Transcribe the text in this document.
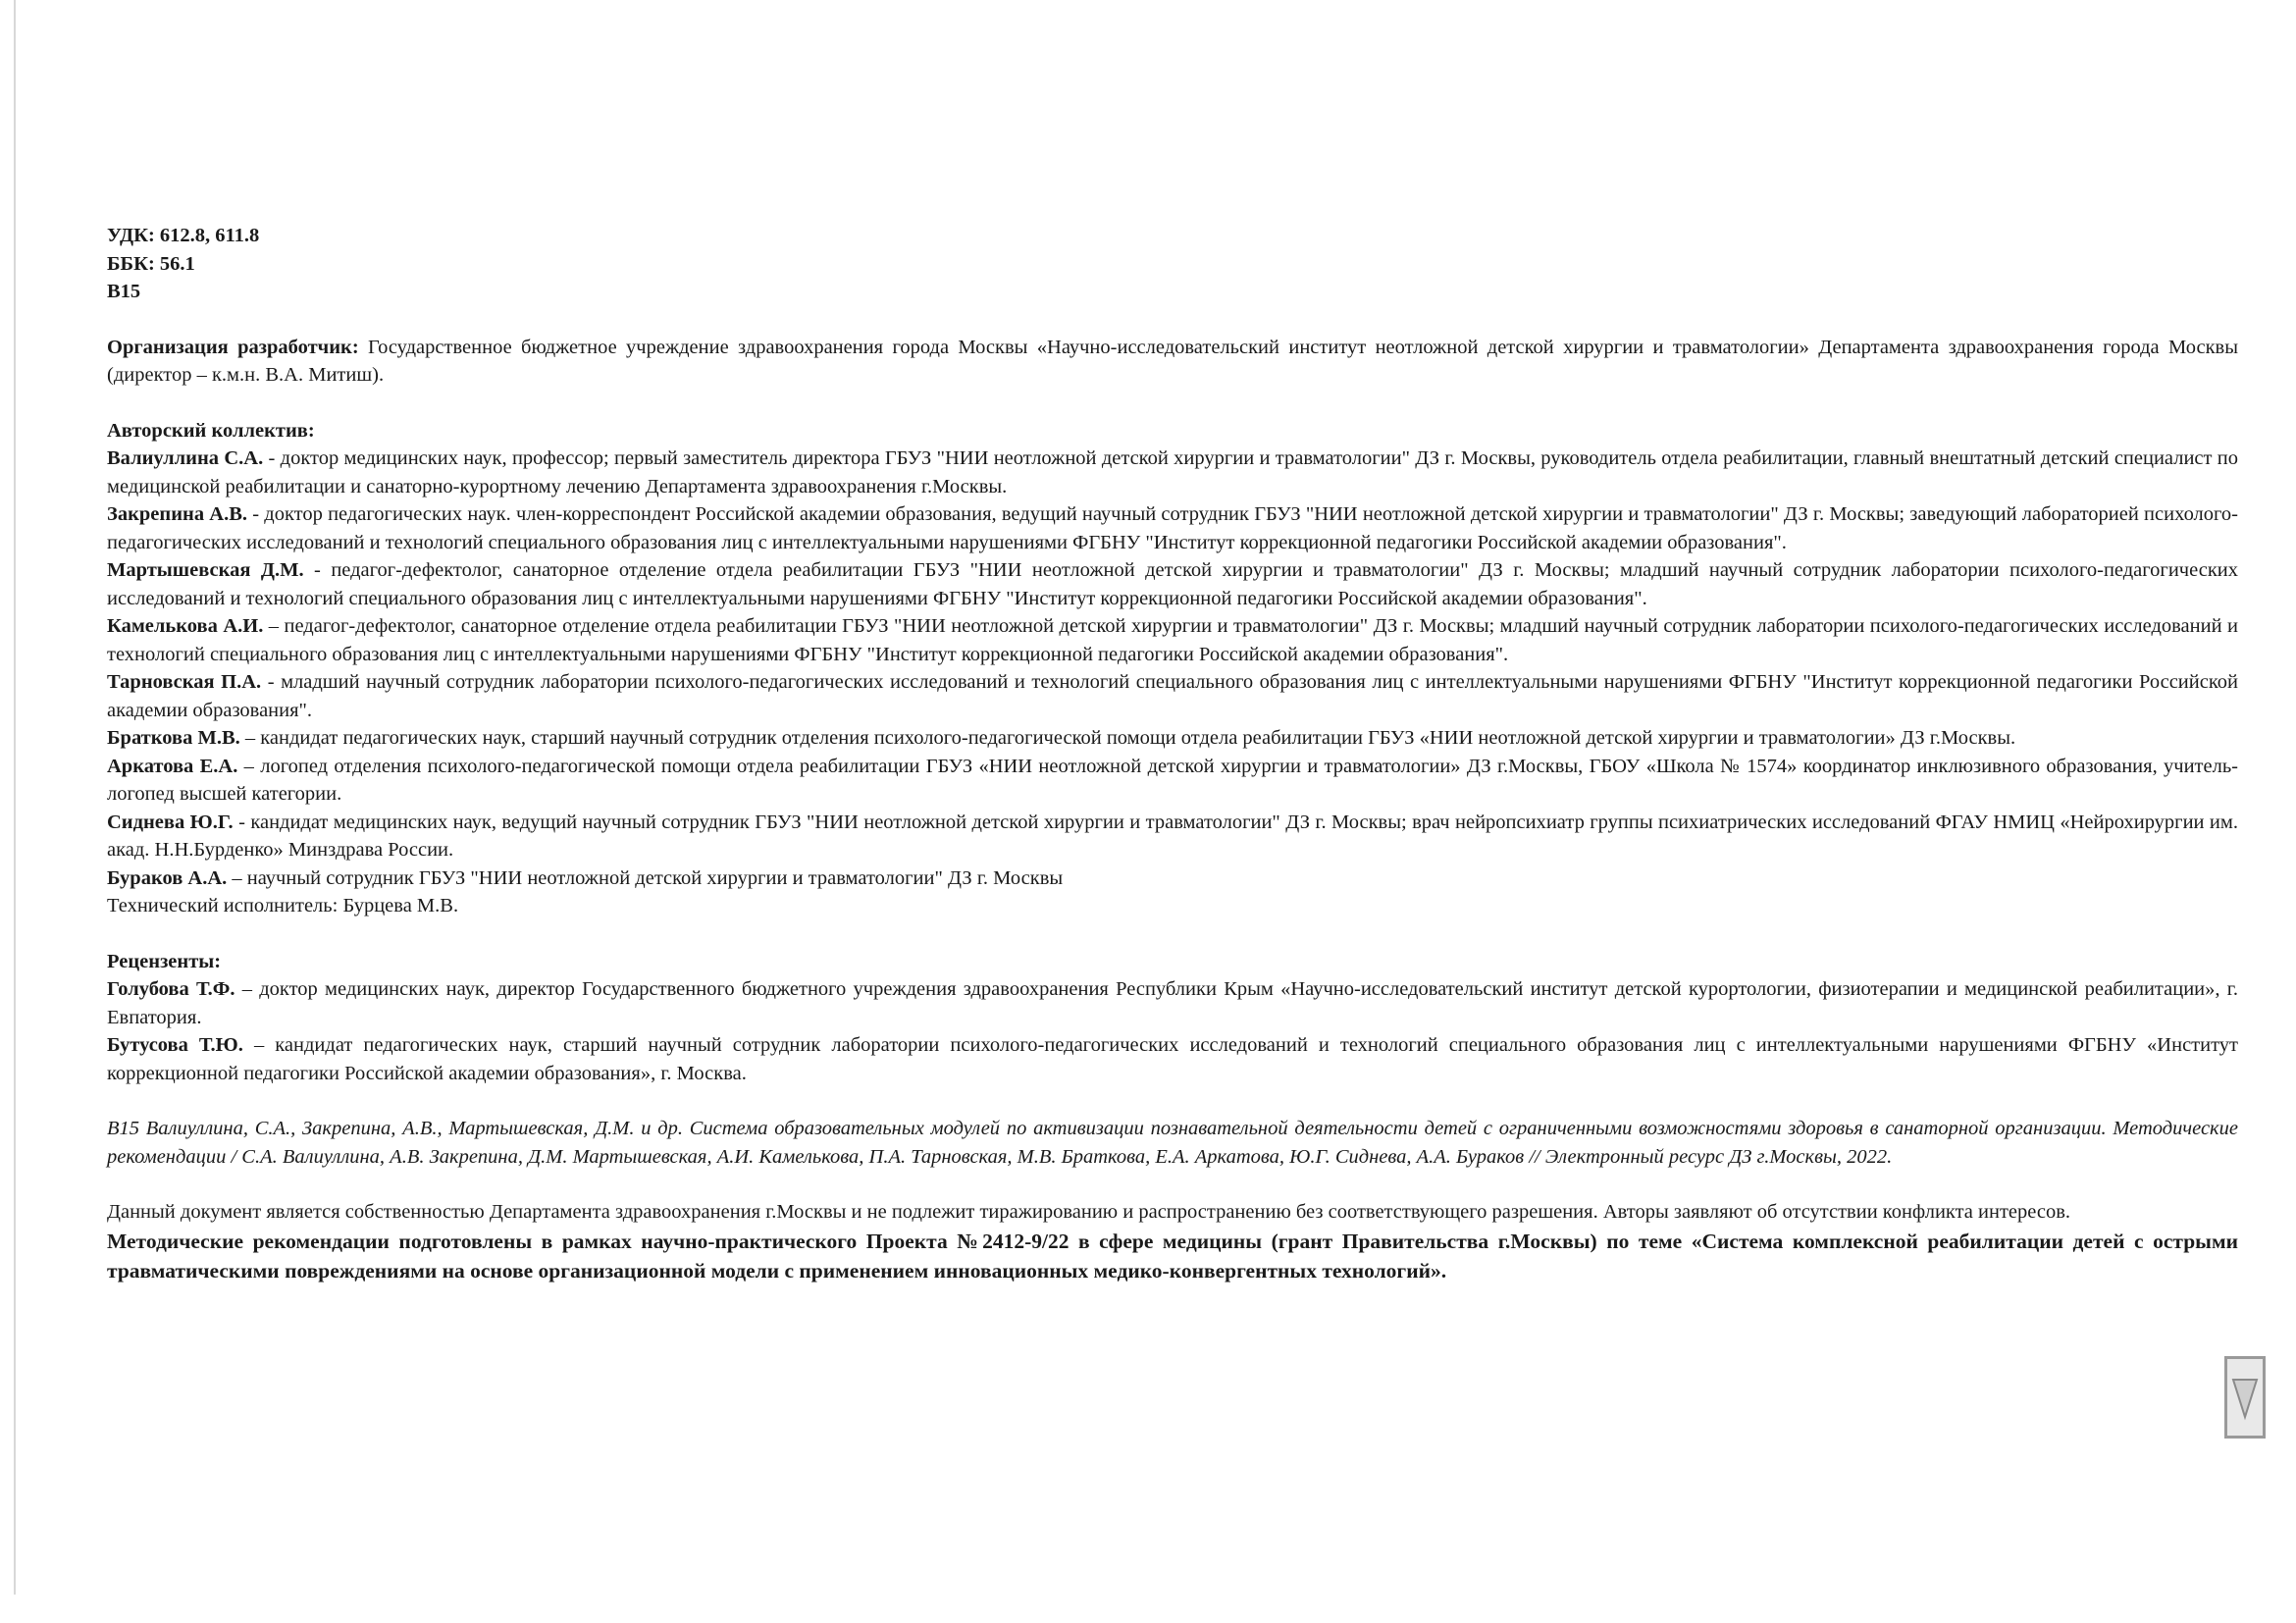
УДК: 612.8, 611.8

ББК: 56.1

В15

Организация разработчик: Государственное бюджетное учреждение здравоохранения города Москвы «Научно-исследовательский институт неотложной детской хирургии и травматологии» Департамента здравоохранения города Москвы (директор – к.м.н. В.А. Митиш).

Авторский коллектив:

Валиуллина С.А. - доктор медицинских наук, профессор; первый заместитель директора ГБУЗ "НИИ неотложной детской хирургии и травматологии" ДЗ г. Москвы, руководитель отдела реабилитации, главный внештатный детский специалист по медицинской реабилитации и санаторно-курортному лечению Департамента здравоохранения г.Москвы.

Закрепина А.В. - доктор педагогических наук. член-корреспондент Российской академии образования, ведущий научный сотрудник ГБУЗ "НИИ неотложной детской хирургии и травматологии" ДЗ г. Москвы; заведующий лабораторией психолого-педагогических исследований и технологий специального образования лиц с интеллектуальными нарушениями ФГБНУ "Институт коррекционной педагогики Российской академии образования".

Мартышевская Д.М. - педагог-дефектолог, санаторное отделение отдела реабилитации ГБУЗ "НИИ неотложной детской хирургии и травматологии" ДЗ г. Москвы; младший научный сотрудник лаборатории психолого-педагогических исследований и технологий специального образования лиц с интеллектуальными нарушениями ФГБНУ "Институт коррекционной педагогики Российской академии образования".

Камелькова А.И. – педагог-дефектолог, санаторное отделение отдела реабилитации ГБУЗ "НИИ неотложной детской хирургии и травматологии" ДЗ г. Москвы; младший научный сотрудник лаборатории психолого-педагогических исследований и технологий специального образования лиц с интеллектуальными нарушениями ФГБНУ "Институт коррекционной педагогики Российской академии образования".

Тарновская П.А. - младший научный сотрудник лаборатории психолого-педагогических исследований и технологий специального образования лиц с интеллектуальными нарушениями ФГБНУ "Институт коррекционной педагогики Российской академии образования".

Браткова М.В. – кандидат педагогических наук, старший научный сотрудник отделения психолого-педагогической помощи отдела реабилитации ГБУЗ «НИИ неотложной детской хирургии и травматологии» ДЗ г.Москвы.

Аркатова Е.А. – логопед отделения психолого-педагогической помощи отдела реабилитации ГБУЗ «НИИ неотложной детской хирургии и травматологии» ДЗ г.Москвы, ГБОУ «Школа № 1574» координатор инклюзивного образования, учитель-логопед высшей категории.

Сиднева Ю.Г. - кандидат медицинских наук, ведущий научный сотрудник ГБУЗ "НИИ неотложной детской хирургии и травматологии" ДЗ г. Москвы; врач нейропсихиатр группы психиатрических исследований ФГАУ НМИЦ «Нейрохирургии им. акад. Н.Н.Бурденко» Минздрава России.

Бураков А.А. – научный сотрудник ГБУЗ "НИИ неотложной детской хирургии и травматологии" ДЗ г. Москвы

Технический исполнитель: Бурцева М.В.

Рецензенты:

Голубова Т.Ф. – доктор медицинских наук, директор Государственного бюджетного учреждения здравоохранения Республики Крым «Научно-исследовательский институт детской курортологии, физиотерапии и медицинской реабилитации», г. Евпатория.

Бутусова Т.Ю. – кандидат педагогических наук, старший научный сотрудник лаборатории психолого-педагогических исследований и технологий специального образования лиц с интеллектуальными нарушениями ФГБНУ «Институт коррекционной педагогики Российской академии образования», г. Москва.

В15 Валиуллина, С.А., Закрепина, А.В., Мартышевская, Д.М. и др. Система образовательных модулей по активизации познавательной деятельности детей с ограниченными возможностями здоровья в санаторной организации. Методические рекомендации / С.А. Валиуллина, А.В. Закрепина, Д.М. Мартышевская, А.И. Камелькова, П.А. Тарновская, М.В. Браткова, Е.А. Аркатова, Ю.Г. Сиднева, А.А. Бураков // Электронный ресурс ДЗ г.Москвы, 2022.

Данный документ является собственностью Департамента здравоохранения г.Москвы и не подлежит тиражированию и распространению без соответствующего разрешения. Авторы заявляют об отсутствии конфликта интересов.

Методические рекомендации подготовлены в рамках научно-практического Проекта №2412-9/22 в сфере медицины (грант Правительства г.Москвы) по теме «Система комплексной реабилитации детей с острыми травматическими повреждениями на основе организационной модели с применением инновационных медико-конвергентных технологий».
